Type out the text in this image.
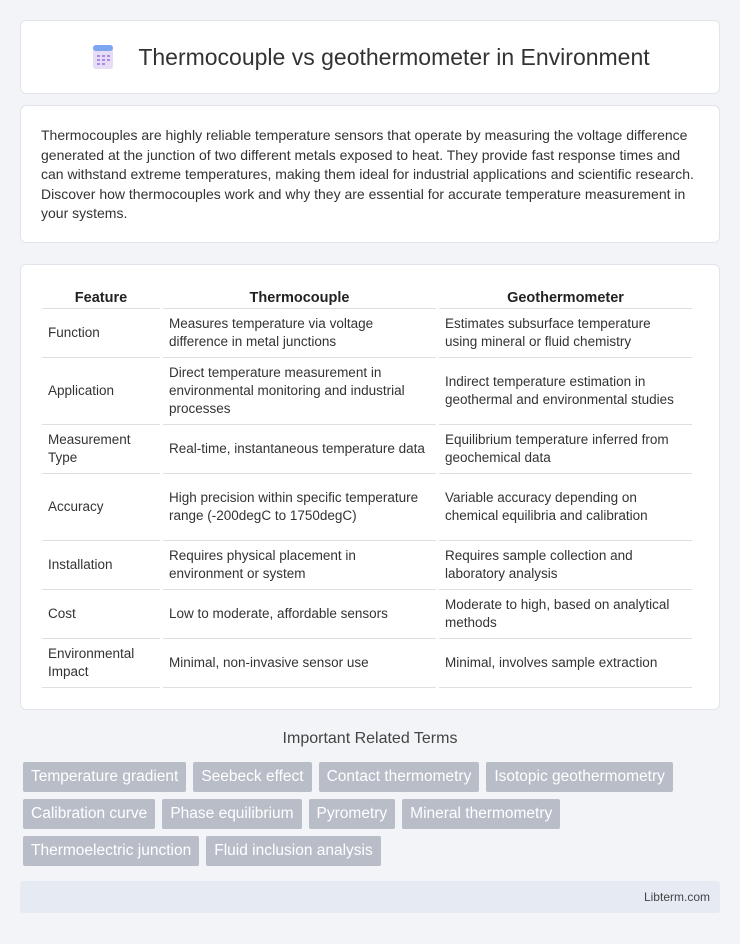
Thermocouple vs geothermometer in Environment

Thermocouples are highly reliable temperature sensors that operate by measuring the voltage difference generated at the junction of two different metals exposed to heat. They provide fast response times and can withstand extreme temperatures, making them ideal for industrial applications and scientific research. Discover how thermocouples work and why they are essential for accurate temperature measurement in your systems.

Feature	Thermocouple	Geothermometer
Function	Measures temperature via voltage difference in metal junctions	Estimates subsurface temperature using mineral or fluid chemistry
Application	Direct temperature measurement in environmental monitoring and industrial processes	Indirect temperature estimation in geothermal and environmental studies
Measurement Type	Real-time, instantaneous temperature data	Equilibrium temperature inferred from geochemical data
Accuracy	High precision within specific temperature range (-200degC to 1750degC)	Variable accuracy depending on chemical equilibria and calibration
Installation	Requires physical placement in environment or system	Requires sample collection and laboratory analysis
Cost	Low to moderate, affordable sensors	Moderate to high, based on analytical methods
Environmental Impact	Minimal, non-invasive sensor use	Minimal, involves sample extraction
Important Related Terms
Temperature gradient	Seebeck effect	Contact thermometry	Isotopic geothermometry
Calibration curve	Phase equilibrium	Pyrometry	Mineral thermometry
Thermoelectric junction	Fluid inclusion analysis
Libterm.com
